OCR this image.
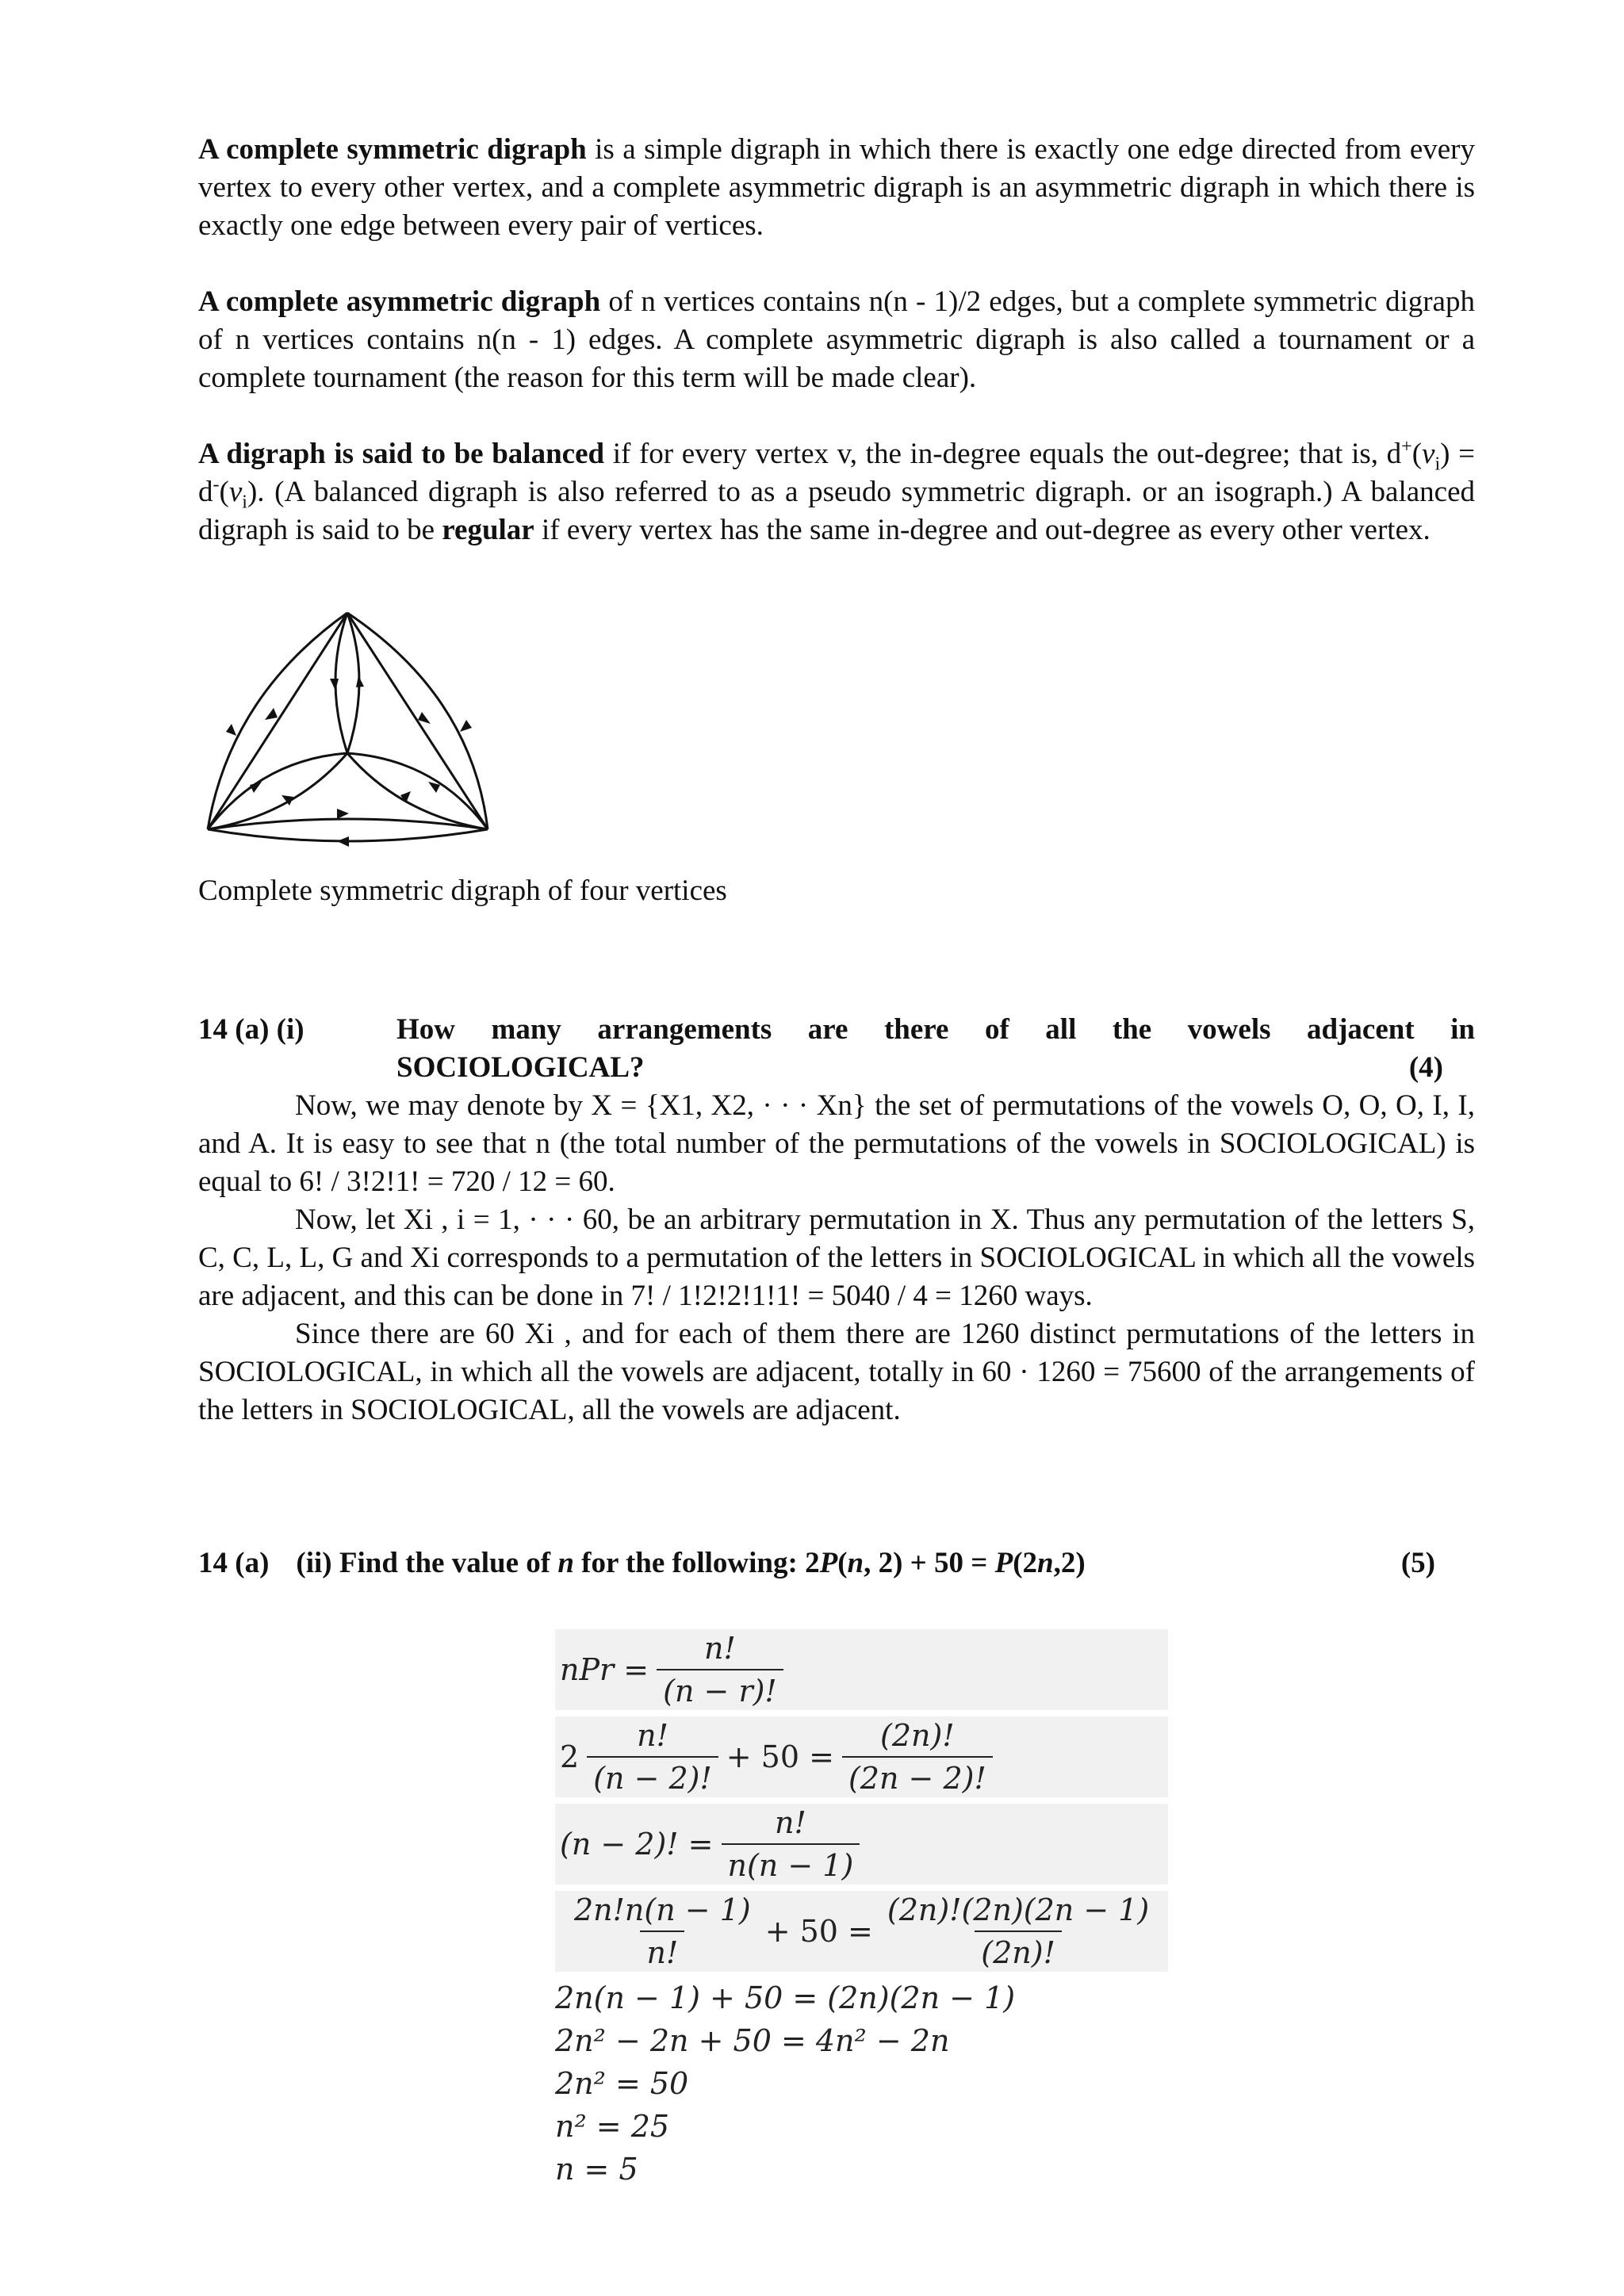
A complete symmetric digraph is a simple digraph in which there is exactly one edge directed from every vertex to every other vertex, and a complete asymmetric digraph is an asymmetric digraph in which there is exactly one edge between every pair of vertices.

A complete asymmetric digraph of n vertices contains n(n - 1)/2 edges, but a complete symmetric digraph of n vertices contains n(n - 1) edges. A complete asymmetric digraph is also called a tournament or a complete tournament (the reason for this term will be made clear).

A digraph is said to be balanced if for every vertex v, the in-degree equals the out-degree; that is, $d^+(v_i) = d^-(v_i)$. (A balanced digraph is also referred to as a pseudo symmetric digraph. or an isograph.) A balanced digraph is said to be regular if every vertex has the same in-degree and out-degree as every other vertex.

Complete symmetric digraph of four vertices
14 (a) (i)	How many arrangements are there of all the vowels adjacent in
SOCIOLOGICAL?	(4)

Now, we may denote by X = {X1, X2, · · · Xn} the set of permutations of the vowels O, O, O, I, I, and A. It is easy to see that n (the total number of the permutations of the vowels in SOCIOLOGICAL) is equal to 6! / 3!2!1! = 720 / 12 = 60.

Now, let Xi , i = 1, · · · 60, be an arbitrary permutation in X. Thus any permutation of the letters S, C, C, L, L, G and Xi corresponds to a permutation of the letters in SOCIOLOGICAL in which all the vowels are adjacent, and this can be done in 7! / 1!2!2!1!1! = 5040 / 4 = 1260 ways.

Since there are 60 Xi , and for each of them there are 1260 distinct permutations of the letters in SOCIOLOGICAL, in which all the vowels are adjacent, totally in 60 · 1260 = 75600 of the arrangements of the letters in SOCIOLOGICAL, all the vowels are adjacent.

14 (a) (ii) Find the value of n for the following: 2P(n, 2) + 50 = P(2n,2)	(5)
nPr = $\frac{n!}{(n - r)!}$
$2 \frac{n!}{(n - 2)!} + 50 = \frac{(2n)!}{(2n - 2)!}$
(n − 2)! = $\frac{n!}{n(n - 1)}$
$\frac{2n!n(n - 1)}{n!} + 50 = \frac{(2n)!(2n)(2n - 1)}{(2n)!}$
2n(n − 1) + 50 = (2n)(2n − 1)
2n² − 2n + 50 = 4n² − 2n
2n² = 50
n² = 25
n = 5
